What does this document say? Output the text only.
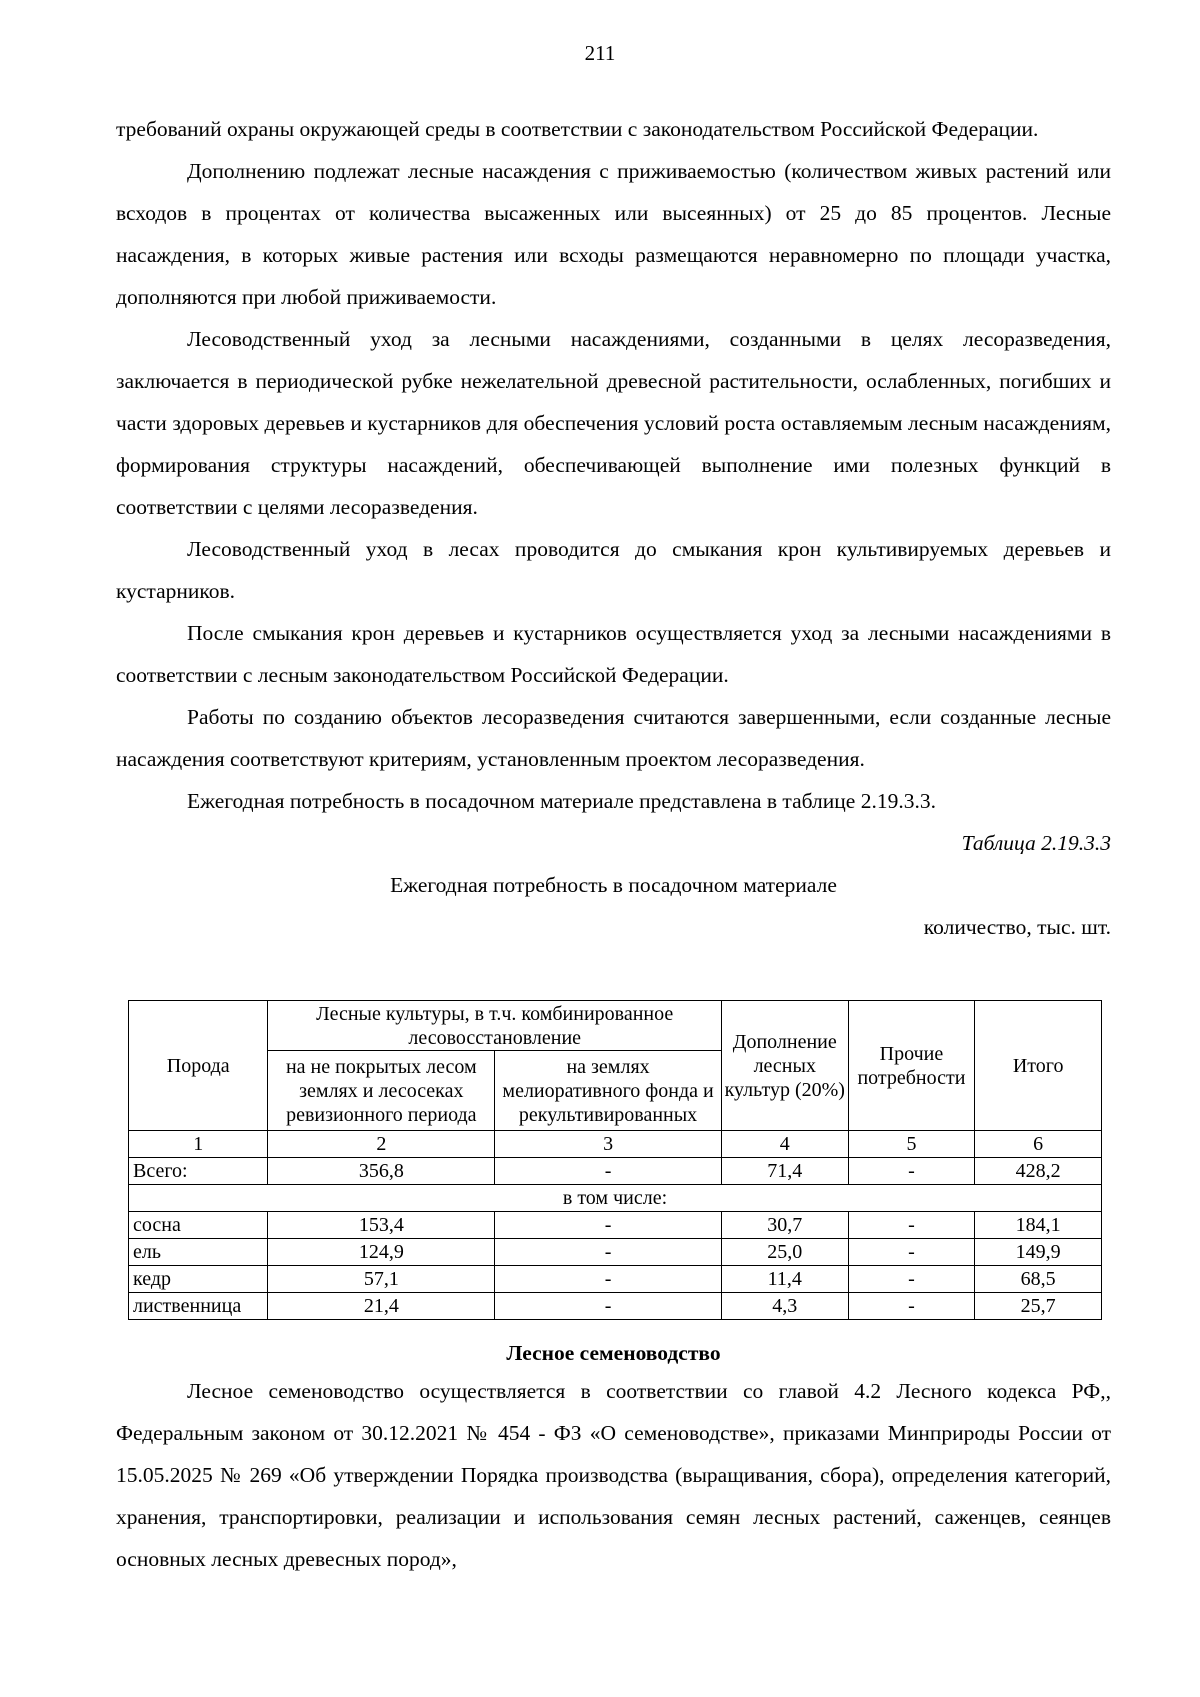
211

требований охраны окружающей среды в соответствии с законодательством Российской Федерации.

Дополнению подлежат лесные насаждения с приживаемостью (количеством живых растений или всходов в процентах от количества высаженных или высеянных) от 25 до 85 процентов. Лесные насаждения, в которых живые растения или всходы размещаются неравномерно по площади участка, дополняются при любой приживаемости.

Лесоводственный уход за лесными насаждениями, созданными в целях лесоразведения, заключается в периодической рубке нежелательной древесной растительности, ослабленных, погибших и части здоровых деревьев и кустарников для обеспечения условий роста оставляемым лесным насаждениям, формирования структуры насаждений, обеспечивающей выполнение ими полезных функций в соответствии с целями лесоразведения.

Лесоводственный уход в лесах проводится до смыкания крон культивируемых деревьев и кустарников.

После смыкания крон деревьев и кустарников осуществляется уход за лесными насаждениями в соответствии с лесным законодательством Российской Федерации.

Работы по созданию объектов лесоразведения считаются завершенными, если созданные лесные насаждения соответствуют критериям, установленным проектом лесоразведения.

Ежегодная потребность в посадочном материале представлена в таблице 2.19.3.3.

Таблица 2.19.3.3

Ежегодная потребность в посадочном материале

количество, тыс. шт.

Порода	Лесные культуры, в т.ч. комбинированное лесовосстановление		Дополнение лесных культур (20%)	Прочие потребности	Итого
	на не покрытых лесом землях и лесосеках ревизионного периода	на землях мелиоративного фонда и рекультивированных			
1	2	3	4	5	6
Всего:	356,8	-	71,4	-	428,2
в том числе:					
сосна	153,4	-	30,7	-	184,1
ель	124,9	-	25,0	-	149,9
кедр	57,1	-	11,4	-	68,5
лиственница	21,4	-	4,3	-	25,7

Лесное семеноводство

Лесное семеноводство осуществляется в соответствии со главой 4.2 Лесного кодекса РФ,, Федеральным законом от 30.12.2021 № 454 - ФЗ «О семеноводстве», приказами Минприроды России от 15.05.2025 № 269 «Об утверждении Порядка производства (выращивания, сбора), определения категорий, хранения, транспортировки, реализации и использования семян лесных растений, саженцев, сеянцев основных лесных древесных пород»,
